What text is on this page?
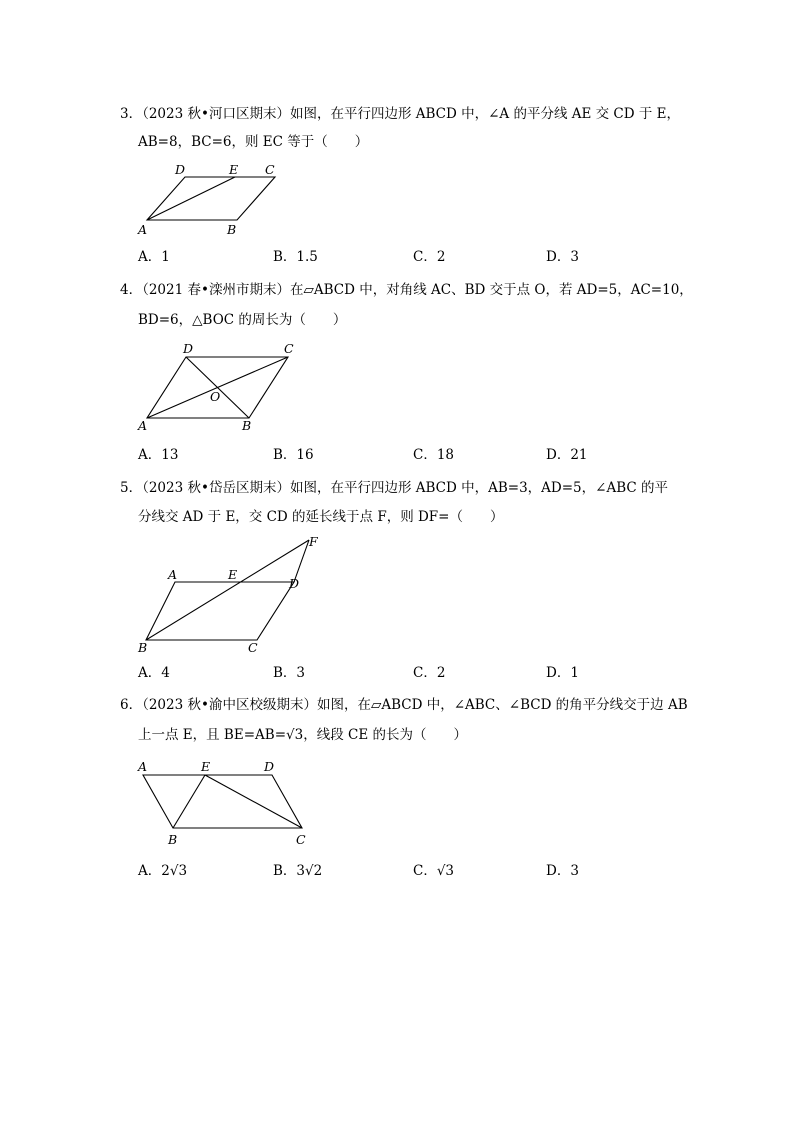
3．（2023 秋•河口区期末）如图，在平行四边形 ABCD 中，∠A 的平分线 AE 交 CD 于 E，
AB=8，BC=6，则 EC 等于（　　）
D	E C
A	B
A．1	B．1.5	C．2	D．3
4．（2021 春•滦州市期末）在▱ABCD 中，对角线 AC、BD 交于点 O，若 AD=5，AC=10，
BD=6，△BOC 的周长为（　　）
D	C
O
A	B
A．13	B．16	C．18	D．21
5．（2023 秋•岱岳区期末）如图，在平行四边形 ABCD 中，AB=3，AD=5，∠ABC 的平
分线交 AD 于 E，交 CD 的延长线于点 F，则 DF=（　　）
F
A	E
D
B	C
A．4	B．3	C．2	D．1
6．（2023 秋•渝中区校级期末）如图，在▱ABCD 中，∠ABC、∠BCD 的角平分线交于边 AB
上一点 E，且 BE=AB=√3，线段 CE 的长为（　　）
A	E	D
B	C
A．2√3	B．3√2	C．√3	D．3
